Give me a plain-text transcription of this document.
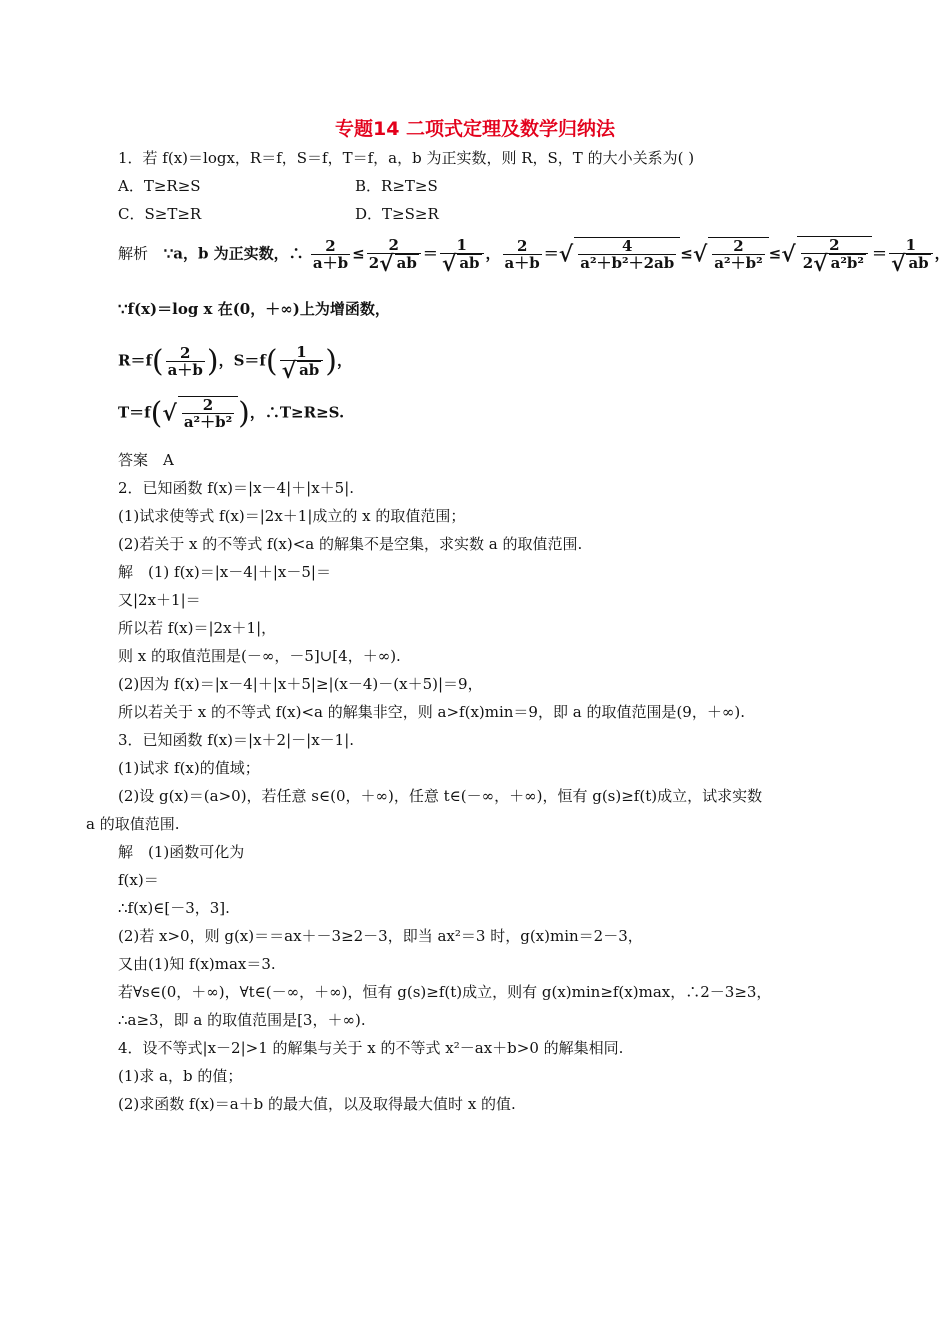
专题14 二项式定理及数学归纳法
1．若 f(x)＝logx，R＝f，S＝f，T＝f，a，b 为正实数，则 R，S，T 的大小关系为( )
A．T≥R≥S	B．R≥T≥S
C．S≥T≥R	D．T≥S≥R
解析 ∵a，b 为正实数，∴ $\frac{2}{a+b} \le \frac{2}{2√ ab} = \frac{1}{√ ab}$ ， $\frac{2}{a+b}$ ＝√ $\frac{4}{\text{a²＋b²＋2ab}}$ ≤√ $\frac{2}{\text{a²＋b²}}$ ≤√ $\frac{2}{\text{2√ a²b²}} = \frac{1}{√ ab}$ ，
∵f(x)＝log x 在(0，＋∞)上为增函数，
$R=f( \frac{2}{a+b}$ )，$S=f( \frac{1}{√ ab}$ )，
$T=f(√ \frac{2}{\text{a²＋b²}}$ )，∴T≥R≥S.
答案　A
2．已知函数 f(x)＝|x－4|＋|x＋5|.
(1)试求使等式 f(x)＝|2x＋1|成立的 x 的取值范围；
(2)若关于 x 的不等式 f(x)<a 的解集不是空集，求实数 a 的取值范围.
解　(1) f(x)＝|x－4|＋|x－5|＝
又|2x＋1|＝
所以若 f(x)＝|2x＋1|，
则 x 的取值范围是(－∞，－5]∪[4，＋∞).
(2)因为 f(x)＝|x－4|＋|x＋5|≥|(x－4)－(x＋5)|＝9，
所以若关于 x 的不等式 f(x)<a 的解集非空，则 a>f(x)min＝9，即 a 的取值范围是(9，＋∞).
3．已知函数 f(x)＝|x＋2|－|x－1|.
(1)试求 f(x)的值域；
(2)设 g(x)＝(a>0)，若任意 s∈(0，＋∞)，任意 t∈(－∞，＋∞)，恒有 g(s)≥f(t)成立，试求实数
a 的取值范围.
解　(1)函数可化为
f(x)＝
∴f(x)∈[－3，3].
(2)若 x>0，则 g(x)＝＝ax＋－3≥2－3，即当 ax²＝3 时，g(x)min＝2－3，
又由(1)知 f(x)max＝3.
若∀s∈(0，＋∞)，∀t∈(－∞，＋∞)，恒有 g(s)≥f(t)成立，则有 g(x)min≥f(x)max，∴2－3≥3，
∴a≥3，即 a 的取值范围是[3，＋∞).
4．设不等式|x－2|>1 的解集与关于 x 的不等式 x²－ax＋b>0 的解集相同.
(1)求 a，b 的值；
(2)求函数 f(x)＝a＋b 的最大值，以及取得最大值时 x 的值.
